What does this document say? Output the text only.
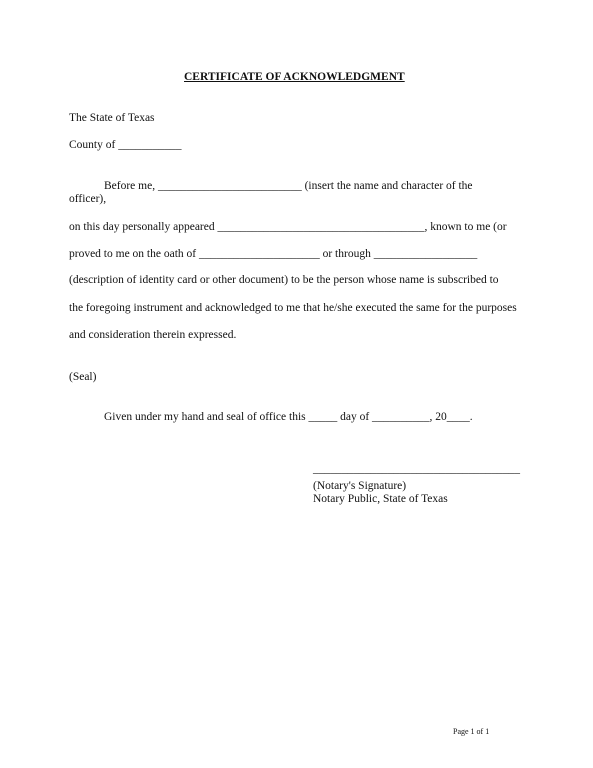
CERTIFICATE OF ACKNOWLEDGMENT
The State of Texas
County of ___________
Before me, _________________________ (insert the name and character of the
officer),
on this day personally appeared ____________________________________, known to me (or
proved to me on the oath of _____________________ or through __________________
(description of identity card or other document) to be the person whose name is subscribed to
the foregoing instrument and acknowledged to me that he/she executed the same for the purposes
and consideration therein expressed.
(Seal)
Given under my hand and seal of office this _____ day of __________, 20____.
____________________________________
(Notary's Signature)
Notary Public, State of Texas
Page 1 of 1
